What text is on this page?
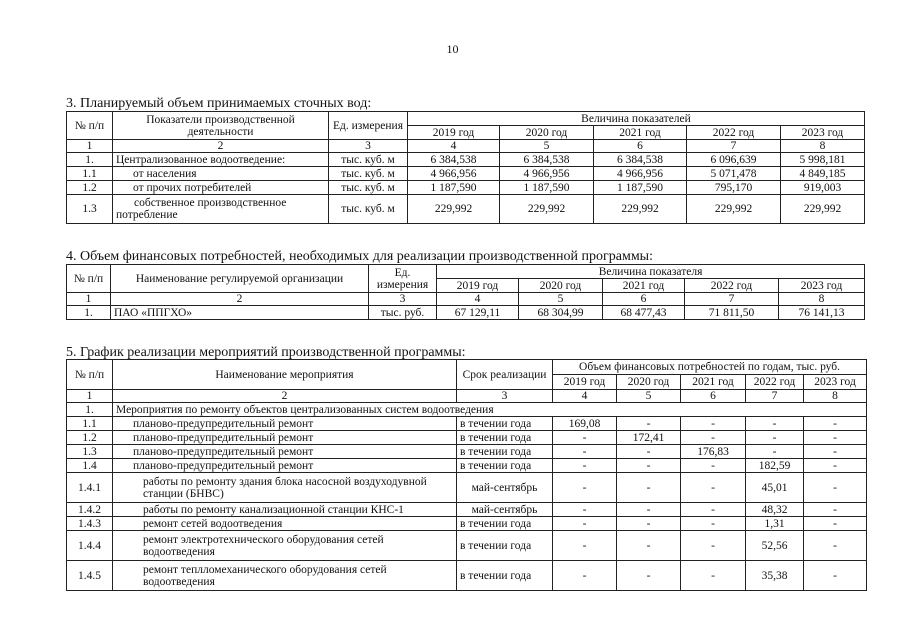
10
3. Планируемый объем принимаемых сточных вод:
№ п/п	Показатели производственной деятельности	Ед. измерения	Величина показателей				
			2019 год	2020 год	2021 год	2022 год	2023 год
1	2	3	4	5	6	7	8
1.	Централизованное водоотведение:	тыс. куб. м	6 384,538	6 384,538	6 384,538	6 096,639	5 998,181
1.1	от населения	тыс. куб. м	4 966,956	4 966,956	4 966,956	5 071,478	4 849,185
1.2	от прочих потребителей	тыс. куб. м	1 187,590	1 187,590	1 187,590	795,170	919,003
1.3	собственное производственное потребление	тыс. куб. м	229,992	229,992	229,992	229,992	229,992
4. Объем финансовых потребностей, необходимых для реализации производственной программы:
№ п/п	Наименование регулируемой организации	Ед. измерения	Величина показателя				
			2019 год	2020 год	2021 год	2022 год	2023 год
1	2	3	4	5	6	7	8
1.	ПАО «ППГХО»	тыс. руб.	67 129,11	68 304,99	68 477,43	71 811,50	76 141,13
5. График реализации мероприятий производственной программы:
№ п/п	Наименование мероприятия	Срок реализации	Объем финансовых потребностей по годам, тыс. руб.				
			2019 год	2020 год	2021 год	2022 год	2023 год
1	2	3	4	5	6	7	8
1.	Мероприятия по ремонту объектов централизованных систем водоотведения						
1.1	планово-предупредительный ремонт	в течении года	169,08	-	-	-	-
1.2	планово-предупредительный ремонт	в течении года	-	172,41	-	-	-
1.3	планово-предупредительный ремонт	в течении года	-	-	176,83	-	-
1.4	планово-предупредительный ремонт	в течении года	-	-	-	182,59	-
1.4.1	работы по ремонту здания блока насосной воздуходувной станции (БНВС)	май-сентябрь	-	-	-	45,01	-
1.4.2	работы по ремонту канализационной станции КНС-1	май-сентябрь	-	-	-	48,32	-
1.4.3	ремонт сетей водоотведения	в течении года	-	-	-	1,31	-
1.4.4	ремонт электротехнического оборудования сетей водоотведения	в течении года	-	-	-	52,56	-
1.4.5	ремонт теплломеханического оборудования сетей водоотведения	в течении года	-	-	-	35,38	-
